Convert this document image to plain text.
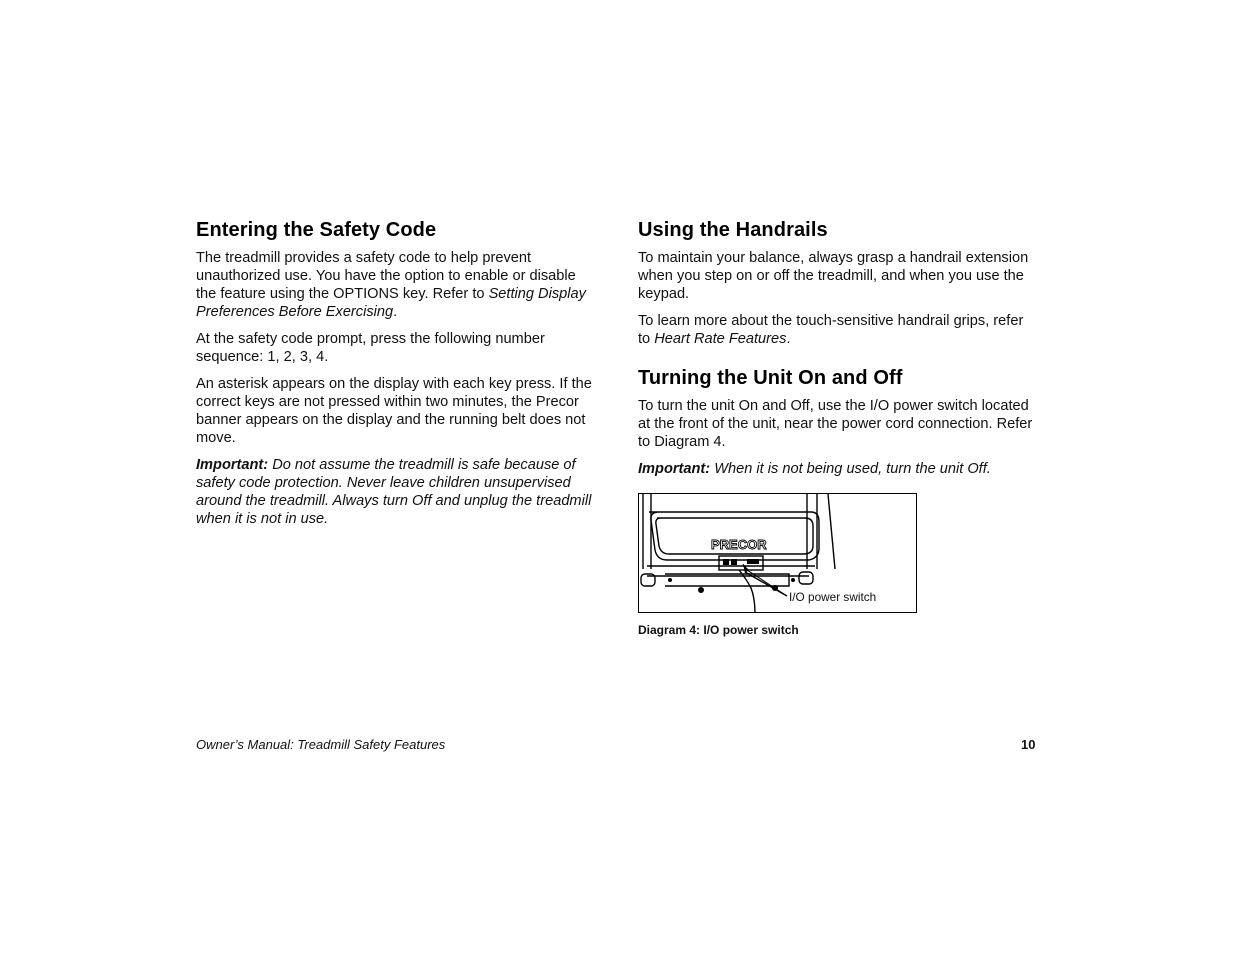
Entering the Safety Code

The treadmill provides a safety code to help prevent unauthorized use. You have the option to enable or disable the feature using the OPTIONS key. Refer to Setting Display Preferences Before Exercising.

At the safety code prompt, press the following number sequence: 1, 2, 3, 4.

An asterisk appears on the display with each key press. If the correct keys are not pressed within two minutes, the Precor banner appears on the display and the running belt does not move.

Important: Do not assume the treadmill is safe because of safety code protection. Never leave children unsupervised around the treadmill. Always turn Off and unplug the treadmill when it is not in use.

Using the Handrails

To maintain your balance, always grasp a handrail extension when you step on or off the treadmill, and when you use the keypad.

To learn more about the touch-sensitive handrail grips, refer to Heart Rate Features.

Turning the Unit On and Off

To turn the unit On and Off, use the I/O power switch located at the front of the unit, near the power cord connection. Refer to Diagram 4.

Important: When it is not being used, turn the unit Off.

PRECOR
I/O power switch
Diagram 4: I/O power switch
Owner’s Manual: Treadmill Safety Features	10
